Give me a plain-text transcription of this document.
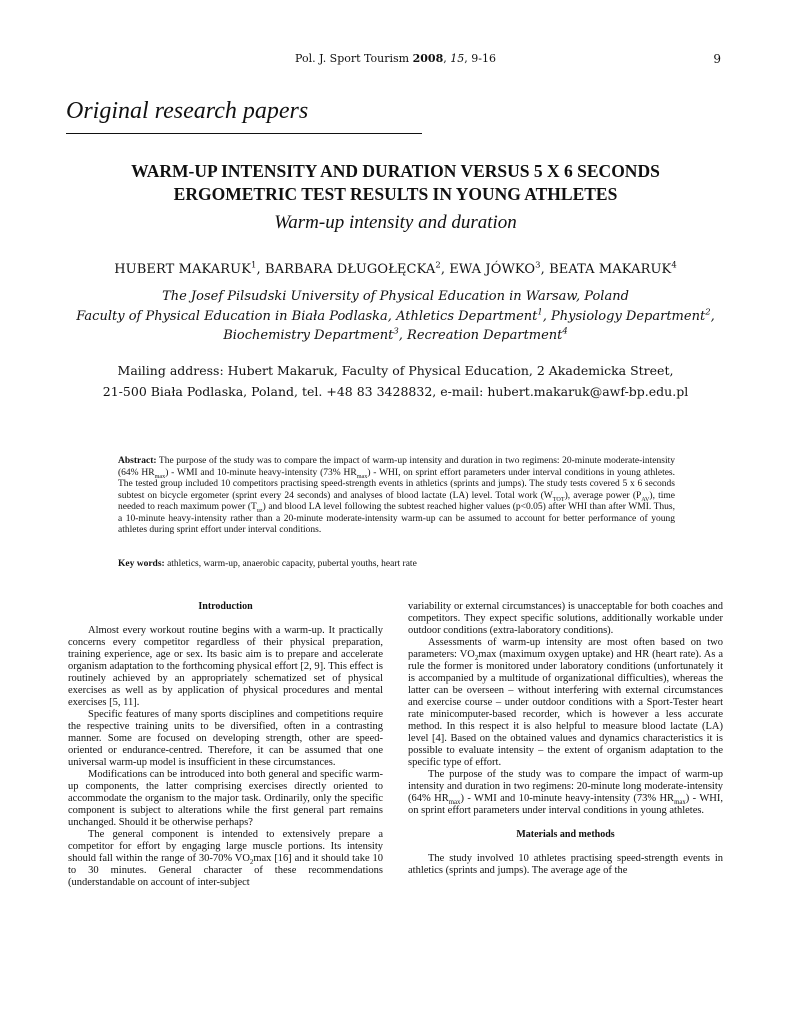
Pol. J. Sport Tourism 2008, 15, 9-16	9
Original research papers
WARM-UP INTENSITY AND DURATION VERSUS 5 X 6 SECONDS
ERGOMETRIC TEST RESULTS IN YOUNG ATHLETES
Warm-up intensity and duration
HUBERT MAKARUK$^1$, BARBARA DŁUGOŁĘCKA$^2$, EWA JÓWKO$^3$, BEATA MAKARUK$^4$
The Josef Pilsudski University of Physical Education in Warsaw, Poland
Faculty of Physical Education in Biała Podlaska, Athletics Department$^1$, Physiology Department$^2$,
Biochemistry Department$^3$, Recreation Department$^4$
Mailing address: Hubert Makaruk, Faculty of Physical Education, 2 Akademicka Street,
21-500 Biała Podlaska, Poland, tel. +48 83 3428832, e-mail: hubert.makaruk@awf-bp.edu.pl
Abstract: The purpose of the study was to compare the impact of warm-up intensity and duration in two regimens: 20-minute moderate-intensity (64% $HR_{max}$) - WMI and 10-minute heavy-intensity (73% $HR_{max}$) - WHI, on sprint effort parameters under interval conditions in young athletes. The tested group included 10 competitors practising speed-strength events in athletics (sprints and jumps). The study tests covered 5 x 6 seconds subtest on bicycle ergometer (sprint every 24 seconds) and analyses of blood lactate (LA) level. Total work $(W_{TOT})$, average power $(P_{AV})$, time needed to reach maximum power $(T_{uz})$ and blood LA level following the subtest reached higher values (p<0.05) after WHI than after WMI. Thus, a 10-minute heavy-intensity rather than a 20-minute moderate-intensity warm-up can be assumed to account for better performance of young athletes during sprint effort under interval conditions.
Key words: athletics, warm-up, anaerobic capacity, pubertal youths, heart rate
Introduction

Almost every workout routine begins with a warm-up. It practically concerns every competitor regardless of their physical preparation, training experience, age or sex. Its basic aim is to prepare and accelerate organism adaptation to the forthcoming physical effort [2, 9]. This effect is routinely achieved by an appropriately schematized set of physical exercises as well as by application of physical procedures and mental exercises [5, 11].

Specific features of many sports disciplines and competitions require the respective training units to be diversified, often in a contrasting manner. Some are focused on developing strength, other are speed-oriented or endurance-centred. Therefore, it can be assumed that one universal warm-up model is insufficient in these circumstances.

Modifications can be introduced into both general and specific warm-up components, the latter comprising exercises directly oriented to accommodate the organism to the major task. Ordinarily, only the specific component is subject to alterations while the first general part remains unchanged. Should it be otherwise perhaps?

The general component is intended to extensively prepare a competitor for effort by engaging large muscle portions. Its intensity should fall within the range of 30-70% $VO_2\max$ [16] and it should take 10 to 30 minutes. General character of these recommendations (understandable on account of inter-subject

variability or external circumstances) is unacceptable for both coaches and competitors. They expect specific solutions, additionally workable under outdoor conditions (extra-laboratory conditions).

Assessments of warm-up intensity are most often based on two parameters: $VO_2\max$ (maximum oxygen uptake) and HR (heart rate). As a rule the former is monitored under laboratory conditions (unfortunately it is accompanied by a multitude of organizational difficulties), whereas the latter can be overseen – without interfering with external circumstances and exercise course – under outdoor conditions with a Sport-Tester heart rate minicomputer-based recorder, which is however a less accurate method. In this respect it is also helpful to measure blood lactate (LA) level [4]. Based on the obtained values and dynamics characteristics it is possible to evaluate intensity – the extent of organism adaptation to the specific type of effort.

The purpose of the study was to compare the impact of warm-up intensity and duration in two regimens: 20-minute long moderate-intensity (64% $HR_{max}$) - WMI and 10-minute heavy-intensity (73% $HR_{max}$) - WHI, on sprint effort parameters under interval conditions in young athletes.

Materials and methods

The study involved 10 athletes practising speed-strength events in athletics (sprints and jumps). The average age of the
